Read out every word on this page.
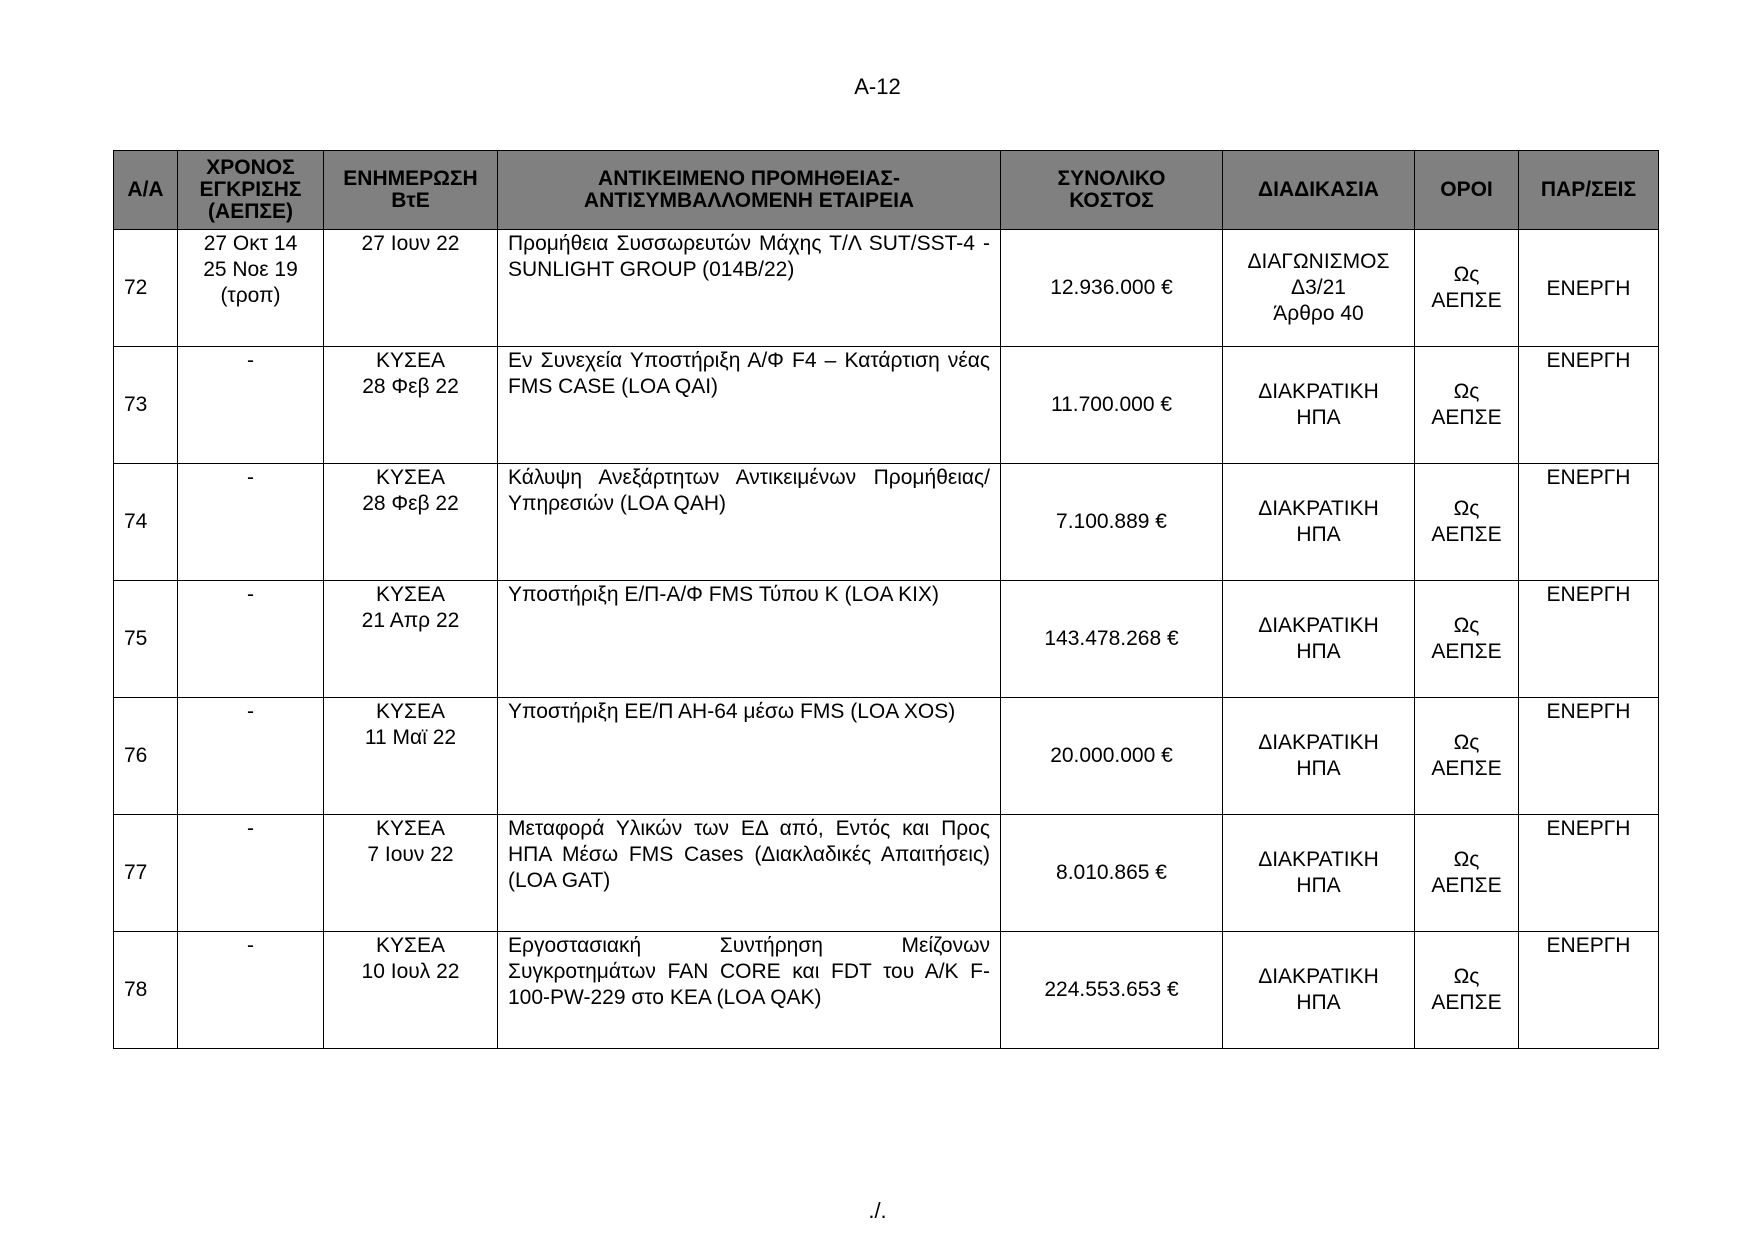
Α-12
Α/Α	ΧΡΟΝΟΣ
ΕΓΚΡΙΣΗΣ
(ΑΕΠΣΕ)	ΕΝΗΜΕΡΩΣΗ
ΒτΕ	ΑΝΤΙΚΕΙΜΕΝΟ ΠΡΟΜΗΘΕΙΑΣ-
ΑΝΤΙΣΥΜΒΑΛΛΟΜΕΝΗ ΕΤΑΙΡΕΙΑ	ΣΥΝΟΛΙΚΟ
ΚΟΣΤΟΣ	ΔΙΑΔΙΚΑΣΙΑ	ΟΡΟΙ	ΠΑΡ/ΣΕΙΣ
72	27 Οκτ 14
25 Νοε 19
(τροπ)	27 Ιουν 22	Προμήθεια Συσσωρευτών Μάχης Τ/Λ SUT/SST-4 - SUNLIGHT GROUP (014Β/22)	12.936.000 €	ΔΙΑΓΩΝΙΣΜΟΣ
Δ3/21
Άρθρο 40	Ως
ΑΕΠΣΕ	ΕΝΕΡΓΗ
73	-	ΚΥΣΕΑ
28 Φεβ 22	Εν Συνεχεία Υποστήριξη Α/Φ F4 – Κατάρτιση νέας FMS CASE (LOA QAI)	11.700.000 €	ΔΙΑΚΡΑΤΙΚΗ
ΗΠΑ	Ως
ΑΕΠΣΕ	ΕΝΕΡΓΗ
74	-	ΚΥΣΕΑ
28 Φεβ 22	Κάλυψη Ανεξάρτητων Αντικειμένων Προμήθειας/Υπηρεσιών (LOA QAH)	7.100.889 €	ΔΙΑΚΡΑΤΙΚΗ
ΗΠΑ	Ως
ΑΕΠΣΕ	ΕΝΕΡΓΗ
75	-	ΚΥΣΕΑ
21 Απρ 22	Υποστήριξη Ε/Π-Α/Φ FMS Τύπου Κ (LOA KIX)	143.478.268 €	ΔΙΑΚΡΑΤΙΚΗ
ΗΠΑ	Ως
ΑΕΠΣΕ	ΕΝΕΡΓΗ
76	-	ΚΥΣΕΑ
11 Μαϊ 22	Υποστήριξη ΕΕ/Π ΑΗ-64 μέσω FMS (LOA XOS)	20.000.000 €	ΔΙΑΚΡΑΤΙΚΗ
ΗΠΑ	Ως
ΑΕΠΣΕ	ΕΝΕΡΓΗ
77	-	ΚΥΣΕΑ
7 Ιουν 22	Μεταφορά Υλικών των ΕΔ από, Εντός και Προς ΗΠΑ Μέσω FMS Cases (Διακλαδικές Απαιτήσεις) (LOA GAT)	8.010.865 €	ΔΙΑΚΡΑΤΙΚΗ
ΗΠΑ	Ως
ΑΕΠΣΕ	ΕΝΕΡΓΗ
78	-	ΚΥΣΕΑ
10 Ιουλ 22	Εργοστασιακή Συντήρηση Μείζονων Συγκροτημάτων FAN CORE και FDT του Α/Κ F-100-PW-229 στο ΚΕΑ (LOA QAK)	224.553.653 €	ΔΙΑΚΡΑΤΙΚΗ
ΗΠΑ	Ως
ΑΕΠΣΕ	ΕΝΕΡΓΗ
./.
